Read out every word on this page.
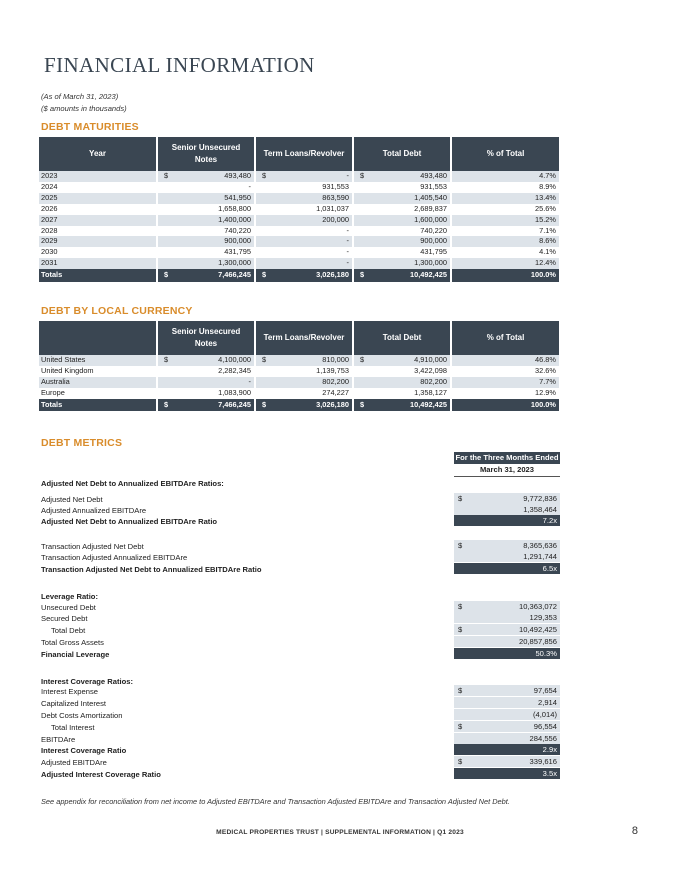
FINANCIAL INFORMATION
(As of March 31, 2023)
($ amounts in thousands)
DEBT MATURITIES
Year	Senior Unsecured Notes	Term Loans/Revolver	Total Debt	% of Total
2023	$ 493,480	$ -	$ 493,480	4.7%
2024	-	931,553	931,553	8.9%
2025	541,950	863,590	1,405,540	13.4%
2026	1,658,800	1,031,037	2,689,837	25.6%
2027	1,400,000	200,000	1,600,000	15.2%
2028	740,220	-	740,220	7.1%
2029	900,000	-	900,000	8.6%
2030	431,795	-	431,795	4.1%
2031	1,300,000	-	1,300,000	12.4%
Totals	$ 7,466,245	$ 3,026,180	$ 10,492,425	100.0%
DEBT BY LOCAL CURRENCY
	Senior Unsecured Notes	Term Loans/Revolver	Total Debt	% of Total
United States	$ 4,100,000	$ 810,000	$ 4,910,000	46.8%
United Kingdom	2,282,345	1,139,753	3,422,098	32.6%
Australia	-	802,200	802,200	7.7%
Europe	1,083,900	274,227	1,358,127	12.9%
Totals	$ 7,466,245	$ 3,026,180	$ 10,492,425	100.0%
DEBT METRICS
For the Three Months Ended
March 31, 2023
Adjusted Net Debt to Annualized EBITDAre Ratios:
Adjusted Net Debt	$	9,772,836
Adjusted Annualized EBITDAre	1,358,464
Adjusted Net Debt to Annualized EBITDAre Ratio	7.2x
Transaction Adjusted Net Debt	$	8,365,636
Transaction Adjusted Annualized EBITDAre	1,291,744
Transaction Adjusted Net Debt to Annualized EBITDAre Ratio	6.5x
Leverage Ratio:
Unsecured Debt	$	10,363,072
Secured Debt	129,353
Total Debt	$	10,492,425
Total Gross Assets	20,857,856
Financial Leverage	50.3%
Interest Coverage Ratios:
Interest Expense	$	97,654
Capitalized Interest	2,914
Debt Costs Amortization	(4,014)
Total Interest	$	96,554
EBITDAre	284,556
Interest Coverage Ratio	2.9x
Adjusted EBITDAre	$	339,616
Adjusted Interest Coverage Ratio	3.5x
See appendix for reconciliation from net income to Adjusted EBITDAre and Transaction Adjusted EBITDAre and Transaction Adjusted Net Debt.
MEDICAL PROPERTIES TRUST | SUPPLEMENTAL INFORMATION | Q1 2023	8
